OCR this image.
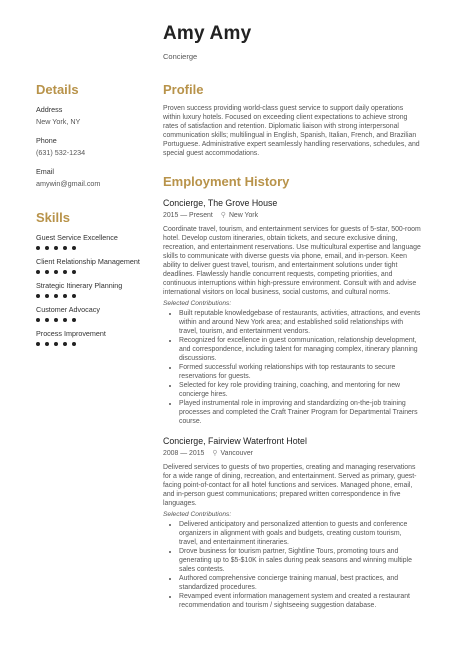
Amy Amy
Concierge
Details
Address
New York, NY
Phone
(631) 532-1234
Email
amywin@gmail.com
Skills
Guest Service Excellence
Client Relationship Management
Strategic Itinerary Planning
Customer Advocacy
Process Improvement
Profile

Proven success providing world-class guest service to support daily operations within luxury hotels. Focused on exceeding client expectations to achieve strong rates of satisfaction and retention. Diplomatic liaison with strong interpersonal communication skills; multilingual in English, Spanish, Italian, French, and Brazilian Portuguese. Administrative expert seamlessly handling reservations, schedules, and special guest accommodations.

Employment History
Concierge, The Grove House
2015 — Present ⚲ New York

Coordinate travel, tourism, and entertainment services for guests of 5-star, 500-room hotel. Develop custom itineraries, obtain tickets, and secure exclusive dining, recreation, and entertainment reservations. Use multicultural expertise and language skills to communicate with diverse guests via phone, email, and in-person. Keen ability to deliver guest travel, tourism, and entertainment solutions under tight deadlines. Flawlessly handle concurrent requests, competing priorities, and continuous interruptions within high-pressure environment. Consult with and advise international visitors on local business, social customs, and cultural norms.

Selected Contributions:
• Built reputable knowledgebase of restaurants, activities, attractions, and events within and around New York area; and established solid relationships with travel, tourism, and entertainment vendors.
• Recognized for excellence in guest communication, relationship development, and correspondence, including talent for managing complex, itinerary planning discussions.
• Formed successful working relationships with top restaurants to secure reservations for guests.
• Selected for key role providing training, coaching, and mentoring for new concierge hires.
• Played instrumental role in improving and standardizing on-the-job training processes and completed the Craft Trainer Program for Departmental Trainers course.
Concierge, Fairview Waterfront Hotel
2008 — 2015 ⚲ Vancouver

Delivered services to guests of two properties, creating and managing reservations for a wide range of dining, recreation, and entertainment. Served as primary, guest-facing point-of-contact for all hotel functions and services. Managed phone, email, and in-person guest communications; prepared written correspondence in five languages.

Selected Contributions:
• Delivered anticipatory and personalized attention to guests and conference organizers in alignment with goals and budgets, creating custom tourism, travel, and entertainment itineraries.
• Drove business for tourism partner, Sightline Tours, promoting tours and generating up to $5-$10K in sales during peak seasons and winning multiple sales contests.
• Authored comprehensive concierge training manual, best practices, and standardized procedures.
• Revamped event information management system and created a restaurant recommendation and tourism / sightseeing suggestion database.
